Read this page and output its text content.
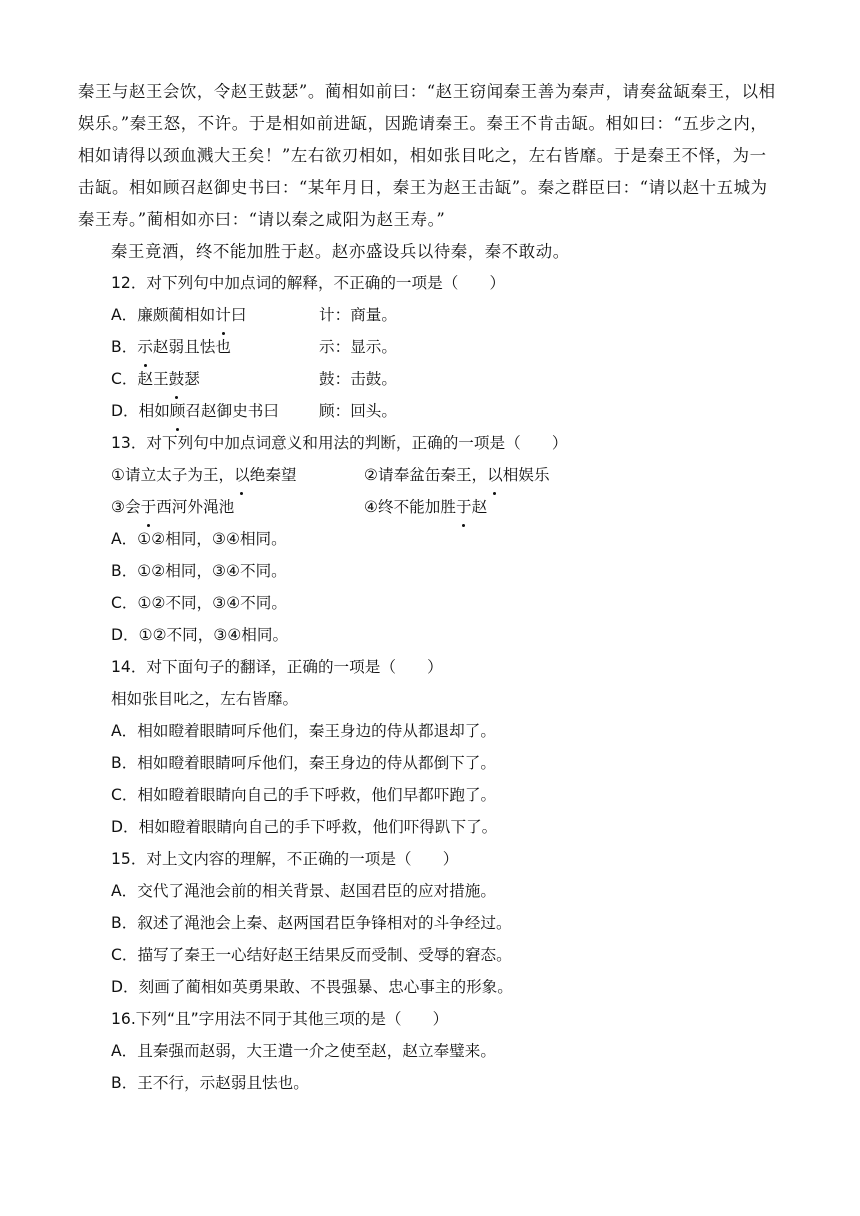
秦王与赵王会饮，令赵王鼓瑟”。蔺相如前曰：“赵王窃闻秦王善为秦声，请奏盆缻秦王，以相
娱乐。”秦王怒，不许。于是相如前进缻，因跪请秦王。秦王不肯击缻。相如曰：“五步之内，
相如请得以颈血溅大王矣！”左右欲刃相如，相如张目叱之，左右皆靡。于是秦王不怿，为一
击缻。相如顾召赵御史书曰：“某年月日，秦王为赵王击缻”。秦之群臣曰：“请以赵十五城为
秦王寿。”蔺相如亦曰：“请以秦之咸阳为赵王寿。”
秦王竟酒，终不能加胜于赵。赵亦盛设兵以待秦，秦不敢动。
12．对下列句中加点词的解释，不正确的一项是（　　）
A．廉颇蔺相如计曰	计：商量。
B．示赵弱且怯也	示：显示。
C．赵王鼓瑟	鼓：击鼓。
D．相如顾召赵御史书曰	顾：回头。
13．对下列句中加点词意义和用法的判断，正确的一项是（　　）
①请立太子为王，以绝秦望	②请奉盆缶秦王，以相娱乐
③会于西河外渑池	④终不能加胜于赵
A．①②相同，③④相同。
B．①②相同，③④不同。
C．①②不同，③④不同。
D．①②不同，③④相同。
14．对下面句子的翻译，正确的一项是（　　）
相如张目叱之，左右皆靡。
A．相如瞪着眼睛呵斥他们，秦王身边的侍从都退却了。
B．相如瞪着眼睛呵斥他们，秦王身边的侍从都倒下了。
C．相如瞪着眼睛向自己的手下呼救，他们早都吓跑了。
D．相如瞪着眼睛向自己的手下呼救，他们吓得趴下了。
15．对上文内容的理解，不正确的一项是（　　）
A．交代了渑池会前的相关背景、赵国君臣的应对措施。
B．叙述了渑池会上秦、赵两国君臣争锋相对的斗争经过。
C．描写了秦王一心结好赵王结果反而受制、受辱的窘态。
D．刻画了蔺相如英勇果敢、不畏强暴、忠心事主的形象。
16.下列“且”字用法不同于其他三项的是（　　）
A．且秦强而赵弱，大王遣一介之使至赵，赵立奉璧来。
B．王不行，示赵弱且怯也。
